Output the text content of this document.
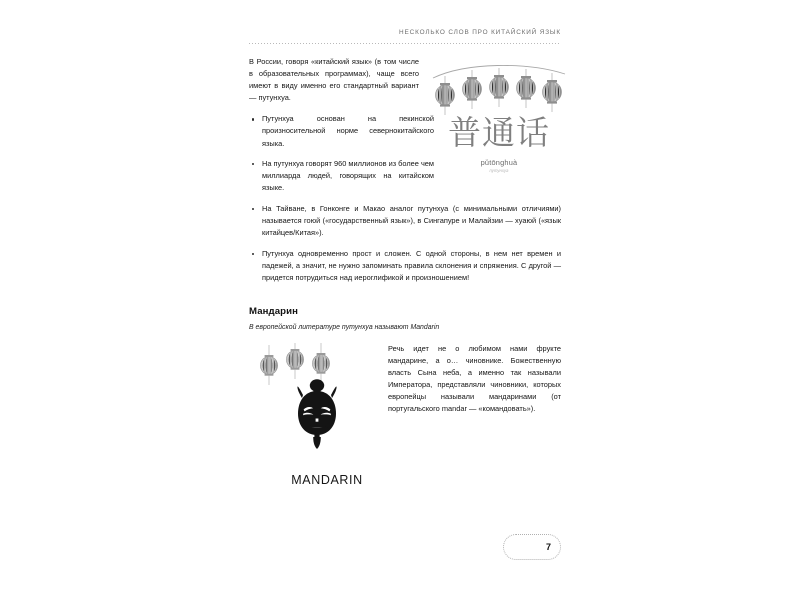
НЕСКОЛЬКО СЛОВ ПРО КИТАЙСКИЙ ЯЗЫК
普通话
pǔtōnghuà
путунхуа

В России, говоря «китайский язык» (в том числе в образовательных программах), чаще всего имеют в виду именно его стандартный вариант — путунхуа.

Путунхуа основан на пекинской произносительной норме севернокитайского языка.
На путунхуа говорят 960 миллионов из более чем миллиарда людей, говорящих на китайском языке.
На Тайване, в Гонконге и Макао аналог путунхуа (с минимальными отличиями) называется гоюй («государственный язык»), в Сингапуре и Малайзии — хуаюй («язык китайцев/Китая»).
Путунхуа одновременно прост и сложен. С одной стороны, в нем нет времен и падежей, а значит, не нужно запоминать правила склонения и спряжения. С другой — придется потрудиться над иероглификой и произношением!
Мандарин
В европейской литературе путунхуа называют Mandarin
MANDARIN
Речь идет не о любимом нами фрукте мандарине, а о… чиновнике. Божественную власть Сына неба, а именно так называли Императора, представляли чиновники, которых европейцы называли мандаринами (от португальского mandar — «командовать»).
7
